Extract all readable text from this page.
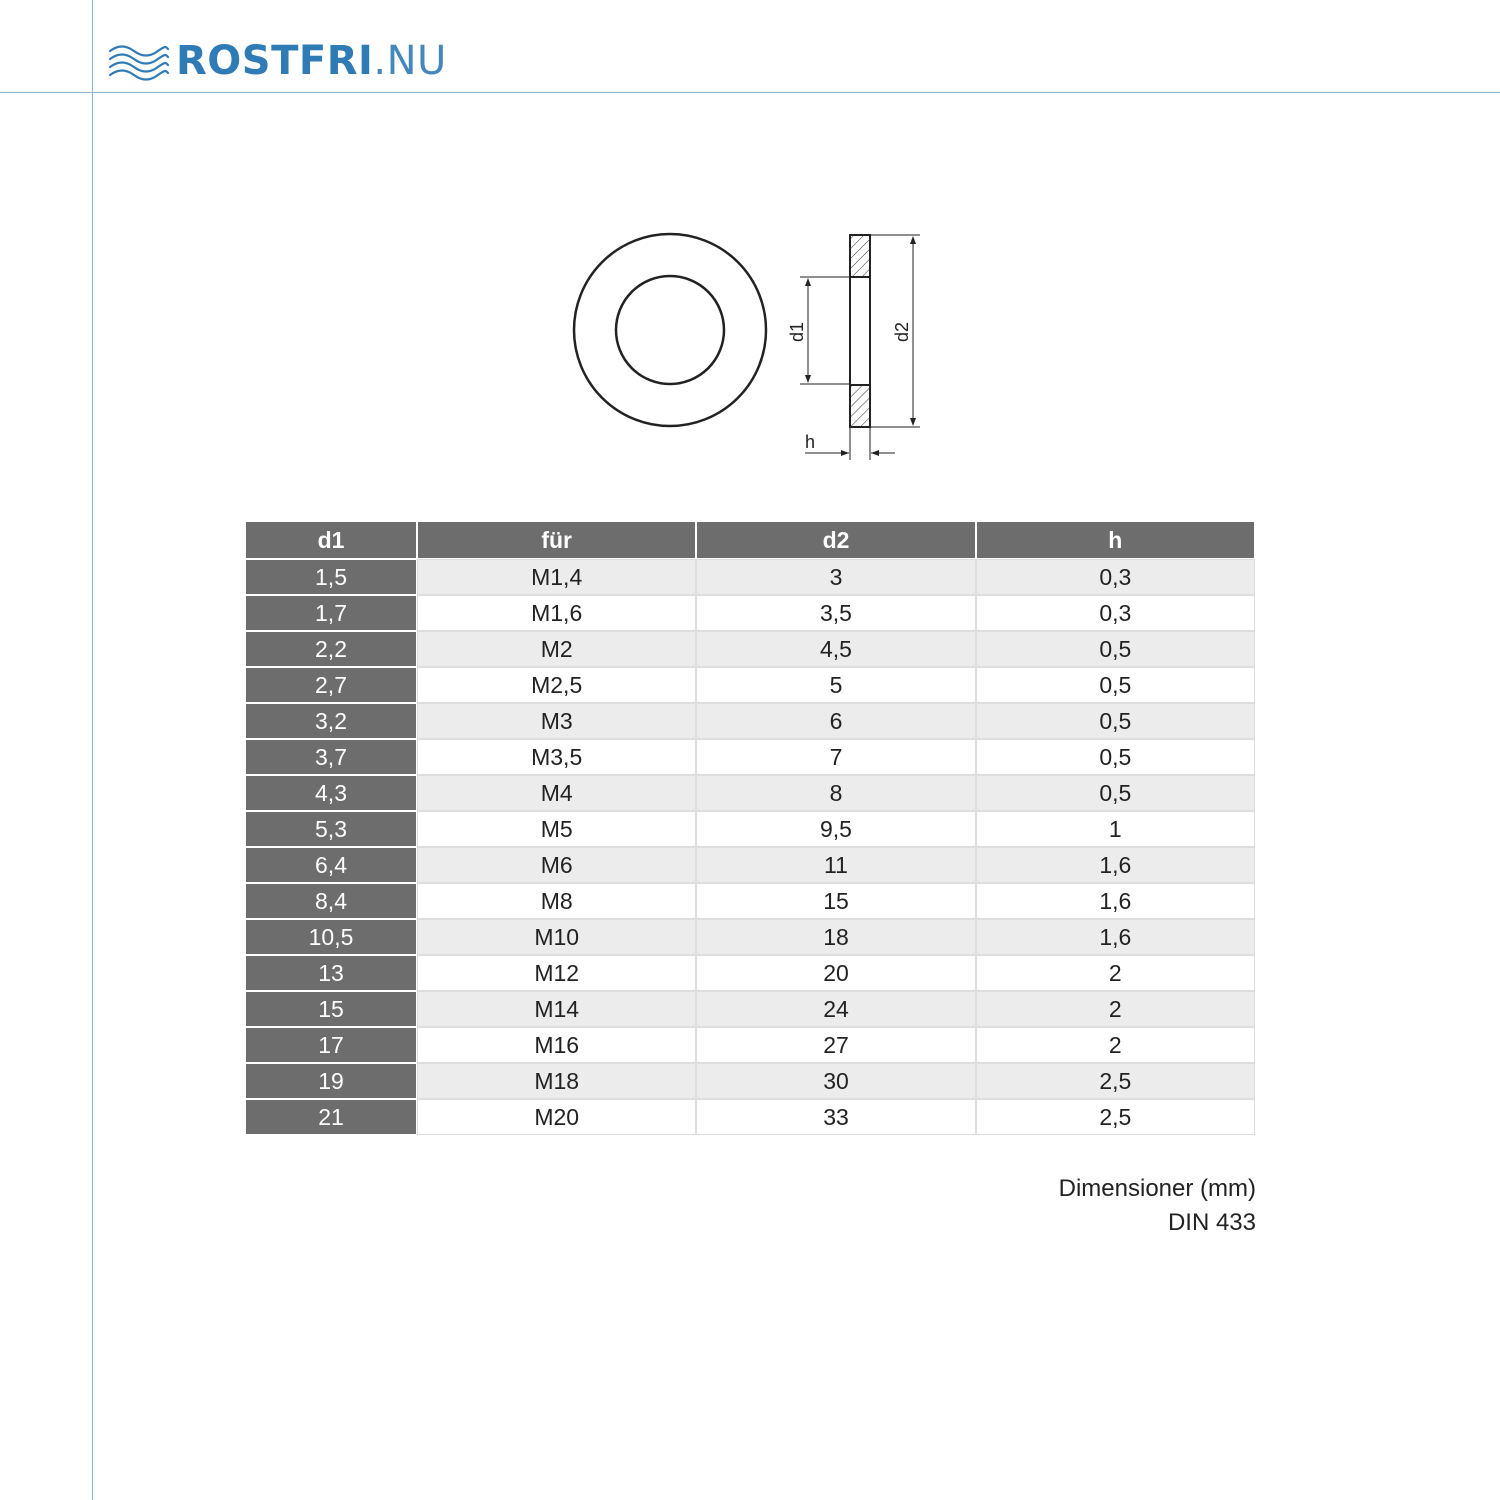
ROSTFRI .NU
d1	d2
h
d1	für	d2	h
1,5	M1,4	3	0,3
1,7	M1,6	3,5	0,3
2,2	M2	4,5	0,5
2,7	M2,5	5	0,5
3,2	M3	6	0,5
3,7	M3,5	7	0,5
4,3	M4	8	0,5
5,3	M5	9,5	1
6,4	M6	11	1,6
8,4	M8	15	1,6
10,5	M10	18	1,6
13	M12	20	2
15	M14	24	2
17	M16	27	2
19	M18	30	2,5
21	M20	33	2,5
Dimensioner (mm)
DIN 433
